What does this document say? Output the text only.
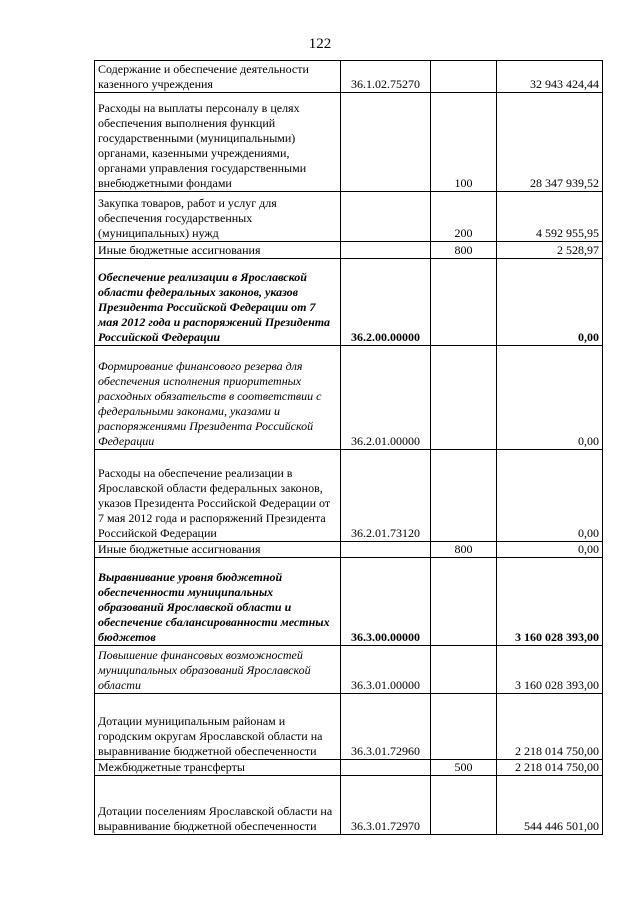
122
Содержание и обеспечение деятельности казенного учреждения	36.1.02.75270		32 943 424,44
Расходы на выплаты персоналу в целях обеспечения выполнения функций государственными (муниципальными) органами, казенными учреждениями, органами управления государственными внебюджетными фондами		100	28 347 939,52
Закупка товаров, работ и услуг для обеспечения государственных (муниципальных) нужд		200	4 592 955,95
Иные бюджетные ассигнования		800	2 528,97
Обеспечение реализации в Ярославской области федеральных законов, указов Президента Российской Федерации от 7 мая 2012 года и распоряжений Президента Российской Федерации	36.2.00.00000		0,00
Формирование финансового резерва для обеспечения исполнения приоритетных расходных обязательств в соответствии с федеральными законами, указами и распоряжениями Президента Российской Федерации	36.2.01.00000		0,00
Расходы на обеспечение реализации в Ярославской области федеральных законов, указов Президента Российской Федерации от 7 мая 2012 года и распоряжений Президента Российской Федерации	36.2.01.73120		0,00
Иные бюджетные ассигнования		800	0,00
Выравнивание уровня бюджетной обеспеченности муниципальных образований Ярославской области и обеспечение сбалансированности местных бюджетов	36.3.00.00000		3 160 028 393,00
Повышение финансовых возможностей муниципальных образований Ярославской области	36.3.01.00000		3 160 028 393,00
Дотации муниципальным районам и городским округам Ярославской области на выравнивание бюджетной обеспеченности	36.3.01.72960		2 218 014 750,00
Межбюджетные трансферты		500	2 218 014 750,00
Дотации поселениям Ярославской области на выравнивание бюджетной обеспеченности	36.3.01.72970		544 446 501,00
